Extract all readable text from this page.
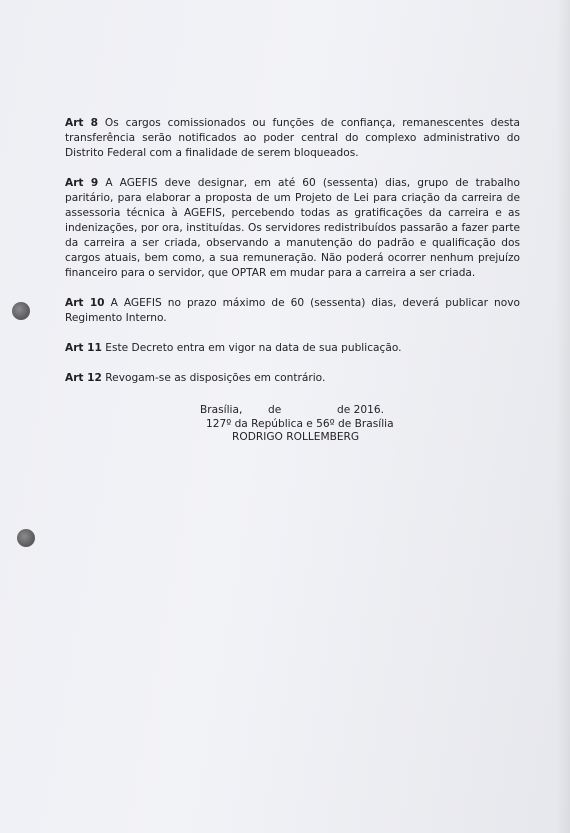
Art 8 Os cargos comissionados ou funções de confiança, remanescentes desta transferência serão notificados ao poder central do complexo administrativo do Distrito Federal com a finalidade de serem bloqueados.

Art 9 A AGEFIS deve designar, em até 60 (sessenta) dias, grupo de trabalho paritário, para elaborar a proposta de um Projeto de Lei para criação da carreira de assessoria técnica à AGEFIS, percebendo todas as gratificações da carreira e as indenizações, por ora, instituídas. Os servidores redistribuídos passarão a fazer parte da carreira a ser criada, observando a manutenção do padrão e qualificação dos cargos atuais, bem como, a sua remuneração. Não poderá ocorrer nenhum prejuízo financeiro para o servidor, que OPTAR em mudar para a carreira a ser criada.

Art 10 A AGEFIS no prazo máximo de 60 (sessenta) dias, deverá publicar novo Regimento Interno.

Art 11 Este Decreto entra em vigor na data de sua publicação.

Art 12 Revogam-se as disposições em contrário.

Brasília, de	de 2016.
127º da República e 56º de Brasília
RODRIGO ROLLEMBERG
